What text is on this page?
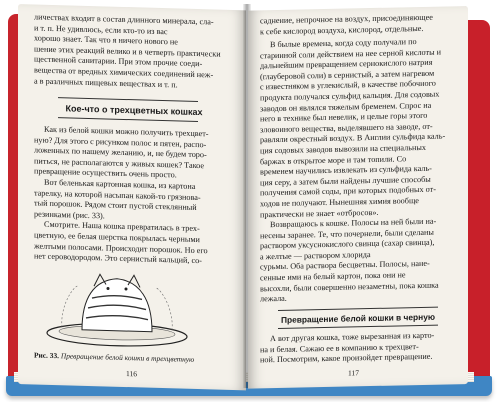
личествах входит в состав длинного минерала, сла-
и т. п. Не удивлюсь, если кто-то из вас
хорошо знает. Так что я ничего нового не
шение этих реакций велико и в четверть практически
щественной санитарии. При этом прочие соеди-
вещества от вредных химических соединений неж-
а в различных пищевых веществах и т. п.
Кое-что о трехцветных кошках
Как из белой кошки можно получить трехцвет-
ную? Для этого с рисунком полос и пятен, распо-
ложенных по нашему желанию, и, не будем торо-
питься, не располагаются у живых кошек? Такое
превращение осуществить очень просто.
Вот беленькая картонная кошка, из картона
тарелку, на которой насыпан какой-то грязнова-
тый порошок. Рядом стоит пустой стеклянный
резинками (рис. 33).
Смотрите. Наша кошка превратилась в трех-
цветную, ее белая шерстка покрылась черными
желтыми полосами. Происходит порошок. Но его
нет сероводородом. Это сернистый кальций, со-
Рис. 33. Превращение белой кошки в трехцветную
116
саднение, непрочное на воздух, присоединяющее
к себе кислород воздуха, кислород, отдельные.
В былые времена, когда соду получали по
старинной соли действием на нее серной кислоты и
дальнейшим превращением сернокислого натрия
(глауберовой соли) в сернистый, а затем нагревом
с известняком в углекислый, в качестве побочного
продукта получался сульфид кальция. Для содовых
заводов он являлся тяжелым бременем. Спрос на
него в технике был невелик, и целые горы этого
зловонного вещества, выделявшего на заводе, от-
равляли окрестный воздух. В Англии сульфида каль-
ция содовых заводов вывозили на специальных
баржах в открытое море и там топили. Со
временем научились извлекать из сульфида каль-
ция серу, а затем были найдены лучшие способы
получения самой соды, при которых подобных от-
ходов не получают. Нынешняя химия вообще
практически не знает «отбросов».
Возвращаюсь к кошке. Полосы на ней были на-
несены заранее. Те, что почернели, были сделаны
раствором уксуснокислого свинца (сахар свинца),
а желтые — раствором хлорида
сурьмы. Оба раствора бесцветны. Полосы, нане-
сенные ими на белый картон, пока они не
высохли, были совершенно незаметны, пока кошка
лежала.
Превращение белой кошки в черную
А вот другая кошка, тоже вырезанная из карто-
на и белая. Сажаю ее в компанию к трехцвет-
ной. Посмотрим, какое произойдет превращение.
117
